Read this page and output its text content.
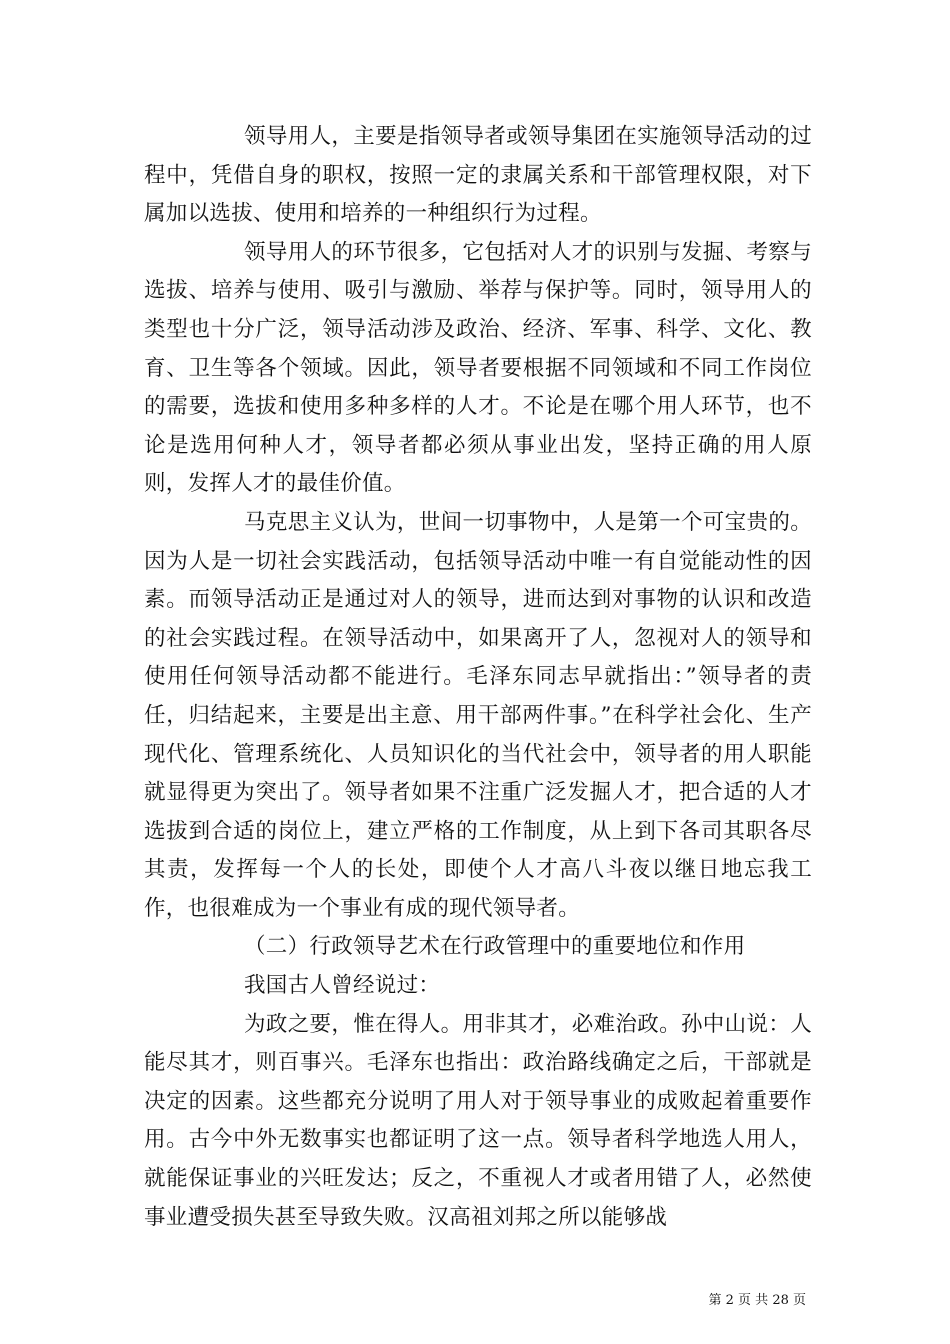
领导用人，主要是指领导者或领导集团在实施领导活动的过程中，凭借自身的职权，按照一定的隶属关系和干部管理权限，对下属加以选拔、使用和培养的一种组织行为过程。

领导用人的环节很多，它包括对人才的识别与发掘、考察与选拔、培养与使用、吸引与激励、举荐与保护等。同时，领导用人的类型也十分广泛，领导活动涉及政治、经济、军事、科学、文化、教育、卫生等各个领域。因此，领导者要根据不同领域和不同工作岗位的需要，选拔和使用多种多样的人才。不论是在哪个用人环节，也不论是选用何种人才，领导者都必须从事业出发，坚持正确的用人原则，发挥人才的最佳价值。

马克思主义认为，世间一切事物中，人是第一个可宝贵的。因为人是一切社会实践活动，包括领导活动中唯一有自觉能动性的因素。而领导活动正是通过对人的领导，进而达到对事物的认识和改造的社会实践过程。在领导活动中，如果离开了人，忽视对人的领导和使用任何领导活动都不能进行。毛泽东同志早就指出：”领导者的责任，归结起来，主要是出主意、用干部两件事。”在科学社会化、生产现代化、管理系统化、人员知识化的当代社会中，领导者的用人职能就显得更为突出了。领导者如果不注重广泛发掘人才，把合适的人才选拔到合适的岗位上，建立严格的工作制度，从上到下各司其职各尽其责，发挥每一个人的长处，即使个人才高八斗夜以继日地忘我工作，也很难成为一个事业有成的现代领导者。

（二）行政领导艺术在行政管理中的重要地位和作用

我国古人曾经说过：

为政之要，惟在得人。用非其才，必难治政。孙中山说：人能尽其才，则百事兴。毛泽东也指出：政治路线确定之后，干部就是决定的因素。这些都充分说明了用人对于领导事业的成败起着重要作用。古今中外无数事实也都证明了这一点。领导者科学地选人用人，就能保证事业的兴旺发达；反之，不重视人才或者用错了人，必然使事业遭受损失甚至导致失败。汉高祖刘邦之所以能够战

第 2 页 共 28 页
